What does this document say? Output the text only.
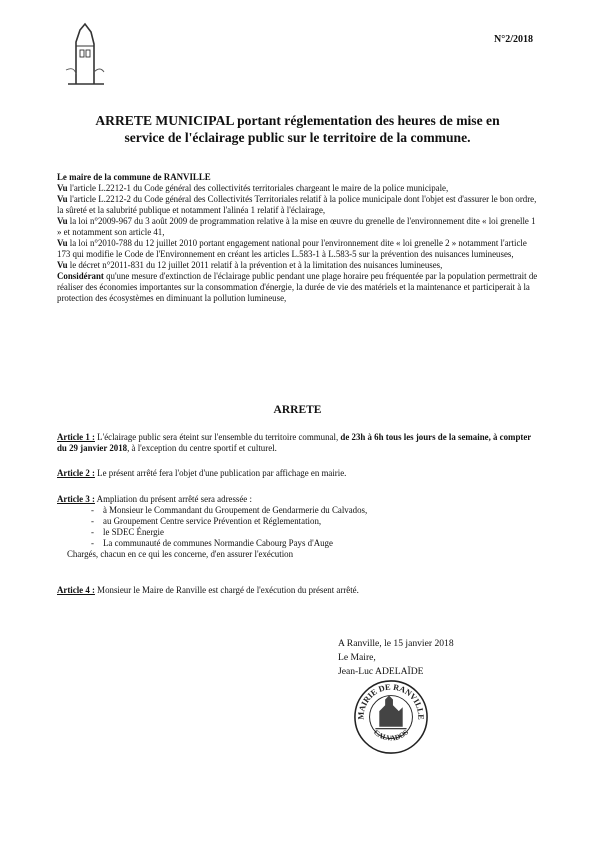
N°2/2018
ARRETE MUNICIPAL portant réglementation des heures de mise en
service de l'éclairage public sur le territoire de la commune.

Le maire de la commune de RANVILLE

Vu l'article L.2212-1 du Code général des collectivités territoriales chargeant le maire de la police municipale,

Vu l'article L.2212-2 du Code général des Collectivités Territoriales relatif à la police municipale dont l'objet est d'assurer le bon ordre, la sûreté et la salubrité publique et notamment l'alinéa 1 relatif à l'éclairage,

Vu la loi n°2009-967 du 3 août 2009 de programmation relative à la mise en œuvre du grenelle de l'environnement dite « loi grenelle 1 » et notamment son article 41,

Vu la loi n°2010-788 du 12 juillet 2010 portant engagement national pour l'environnement dite « loi grenelle 2 » notamment l'article 173 qui modifie le Code de l'Environnement en créant les articles L.583-1 à L.583-5 sur la prévention des nuisances lumineuses,

Vu le décret n°2011-831 du 12 juillet 2011 relatif à la prévention et à la limitation des nuisances lumineuses,

Considérant qu'une mesure d'extinction de l'éclairage public pendant une plage horaire peu fréquentée par la population permettrait de réaliser des économies importantes sur la consommation d'énergie, la durée de vie des matériels et la maintenance et participerait à la protection des écosystèmes en diminuant la pollution lumineuse,

ARRETE
Article 1 : L'éclairage public sera éteint sur l'ensemble du territoire communal, de 23h à 6h tous les jours de la semaine, à compter du 29 janvier 2018, à l'exception du centre sportif et culturel.
Article 2 : Le présent arrêté fera l'objet d'une publication par affichage en mairie.
Article 3 : Ampliation du présent arrêté sera adressée :
- à Monsieur le Commandant du Groupement de Gendarmerie du Calvados,
- au Groupement Centre service Prévention et Réglementation,
- le SDEC Énergie
- La communauté de communes Normandie Cabourg Pays d'Auge
Chargés, chacun en ce qui les concerne, d'en assurer l'exécution
Article 4 : Monsieur le Maire de Ranville est chargé de l'exécution du présent arrêté.
A Ranville, le 15 janvier 2018
Le Maire,
Jean-Luc ADELAÏDE
MAIRIE DE RANVILLE
CALVADOS
